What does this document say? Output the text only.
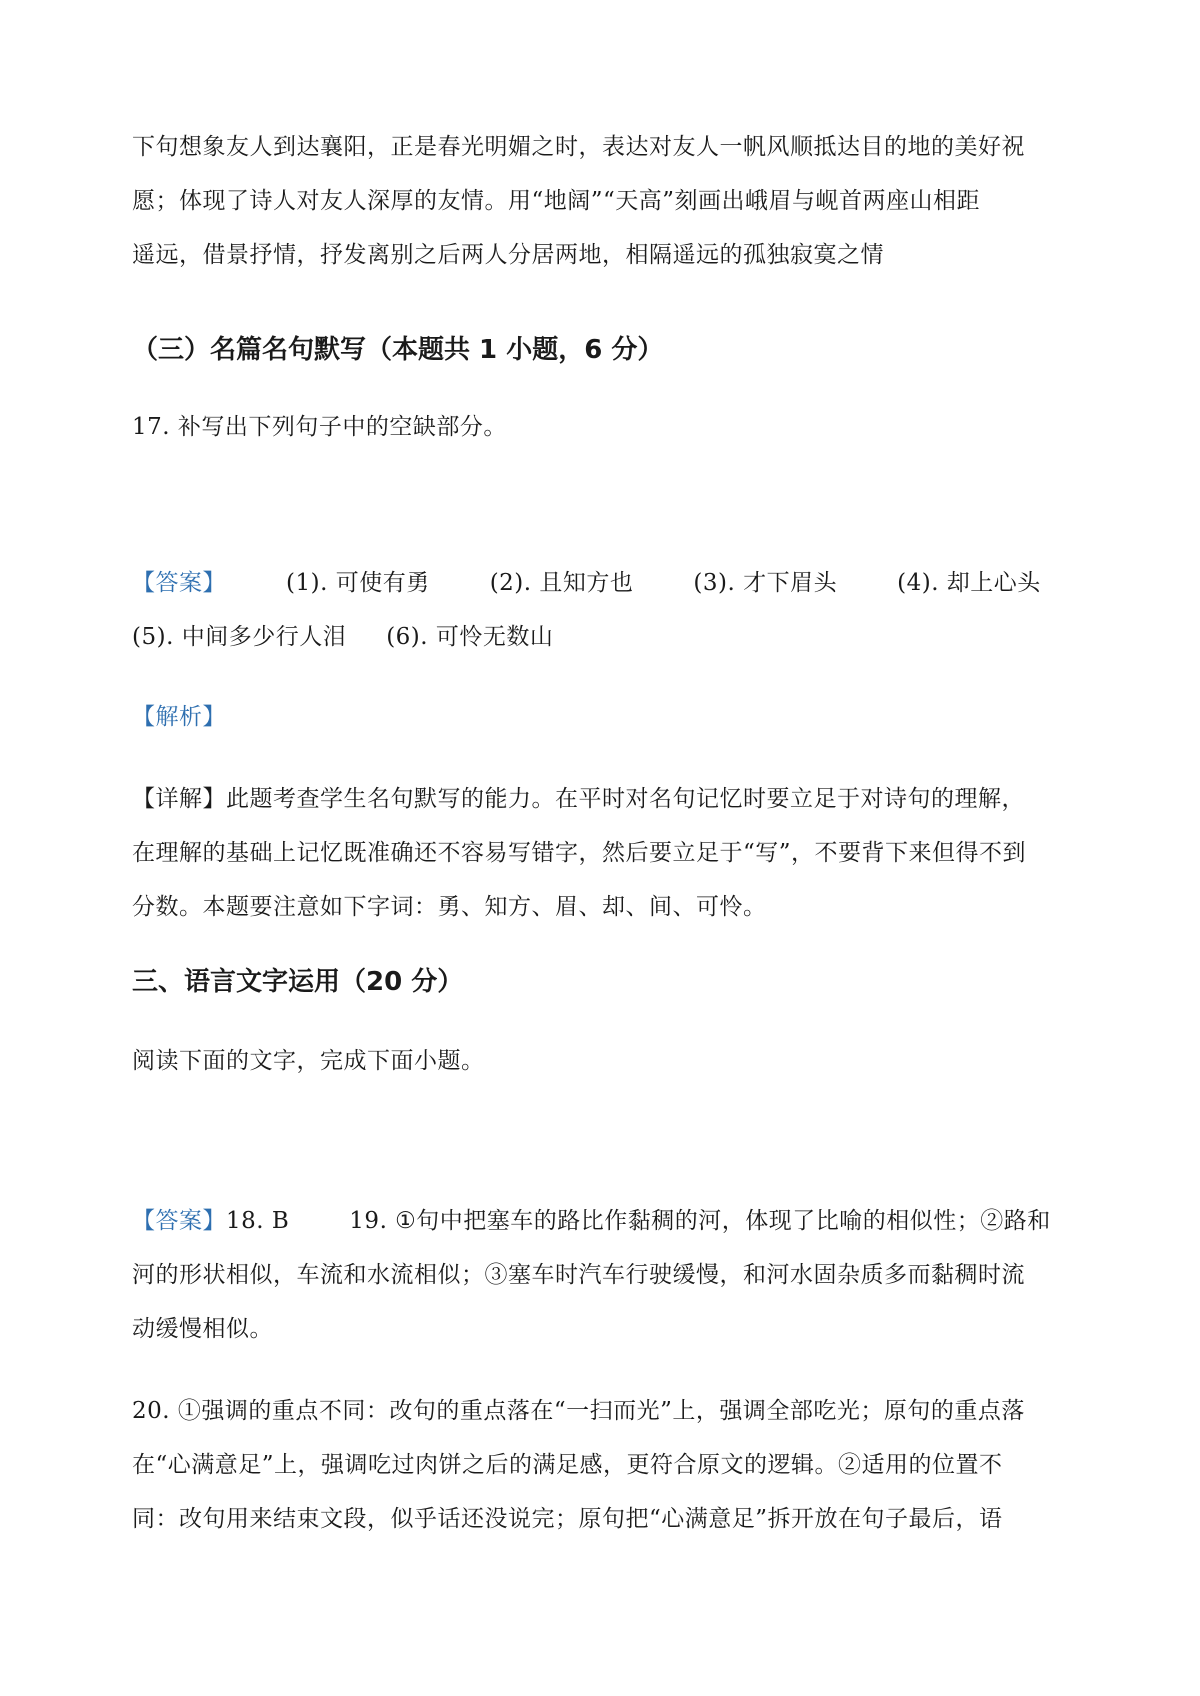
下句想象友人到达襄阳，正是春光明媚之时，表达对友人一帆风顺抵达目的地的美好祝

愿；体现了诗人对友人深厚的友情。用“地阔”“天高”刻画出峨眉与岘首两座山相距

遥远，借景抒情，抒发离别之后两人分居两地，相隔遥远的孤独寂寞之情

（三）名篇名句默写（本题共 1 小题，6 分）

17. 补写出下列句子中的空缺部分。

【答案】	(1). 可使有勇	(2). 且知方也	(3). 才下眉头	(4). 却上心头

(5). 中间多少行人泪 (6). 可怜无数山

【解析】

【详解】此题考查学生名句默写的能力。在平时对名句记忆时要立足于对诗句的理解，

在理解的基础上记忆既准确还不容易写错字，然后要立足于“写”，不要背下来但得不到

分数。本题要注意如下字词：勇、知方、眉、却、间、可怜。

三、语言文字运用（20 分）

阅读下面的文字，完成下面小题。

【答案】18. B	19. ①句中把塞车的路比作黏稠的河，体现了比喻的相似性；②路和

河的形状相似，车流和水流相似；③塞车时汽车行驶缓慢，和河水固杂质多而黏稠时流

动缓慢相似。

20. ①强调的重点不同：改句的重点落在“一扫而光”上，强调全部吃光；原句的重点落

在“心满意足”上，强调吃过肉饼之后的满足感，更符合原文的逻辑。②适用的位置不

同：改句用来结束文段，似乎话还没说完；原句把“心满意足”拆开放在句子最后，语
